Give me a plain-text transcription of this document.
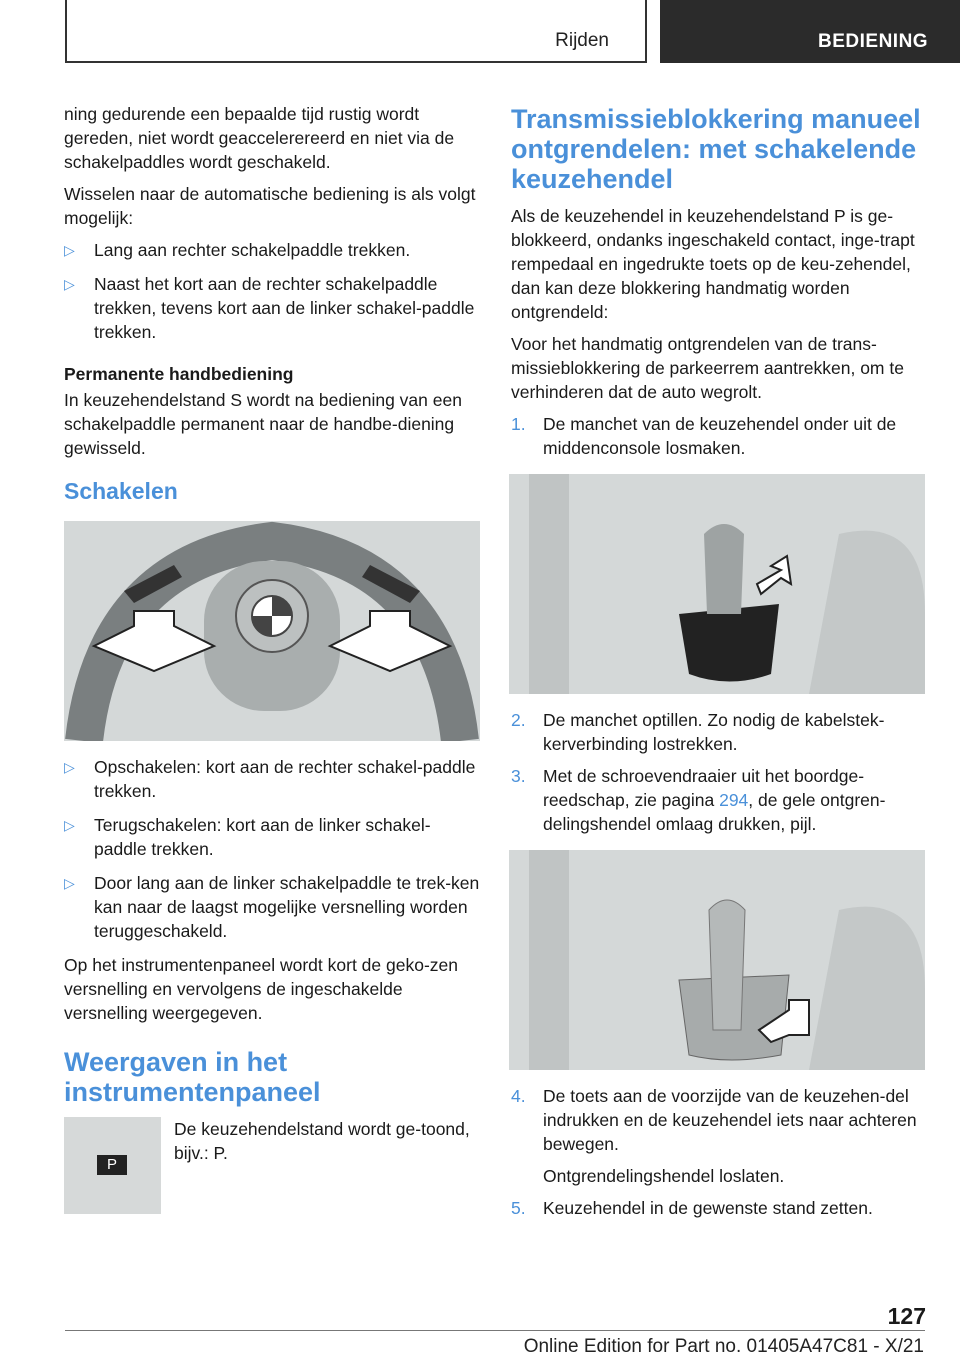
Rijden	BEDIENING

ning gedurende een bepaalde tijd rustig wordt gereden, niet wordt geaccelerereerd en niet via de schakelpaddles wordt geschakeld.

Wisselen naar de automatische bediening is als volgt mogelijk:

▷ Lang aan rechter schakelpaddle trekken.
▷ Naast het kort aan de rechter schakelpaddle trekken, tevens kort aan de linker schakel‐paddle trekken.
Permanente handbediening

In keuzehendelstand S wordt na bediening van een schakelpaddle permanent naar de handbe‐diening gewisseld.

Schakelen
▷ Opschakelen: kort aan de rechter schakel‐paddle trekken.
▷ Terugschakelen: kort aan de linker schakel‐paddle trekken.
▷ Door lang aan de linker schakelpaddle te trek‐ken kan naar de laagst mogelijke versnelling worden teruggeschakeld.

Op het instrumentenpaneel wordt kort de geko‐zen versnelling en vervolgens de ingeschakelde versnelling weergegeven.

Weergaven in het instrumentenpaneel
P

De keuzehendelstand wordt ge‐toond, bijv.: P.

Transmissieblokkering manueel ontgrendelen: met schakelende keuzehendel

Als de keuzehendel in keuzehendelstand P is ge‐blokkeerd, ondanks ingeschakeld contact, inge‐trapt rempedaal en ingedrukte toets op de keu‐zehendel, dan kan deze blokkering handmatig worden ontgrendeld:

Voor het handmatig ontgrendelen van de trans‐missieblokkering de parkeerrem aantrekken, om te verhinderen dat de auto wegrolt.

1. De manchet van de keuzehendel onder uit de middenconsole losmaken.
2. De manchet optillen. Zo nodig de kabelstek‐kerverbinding lostrekken.
3. Met de schroevendraaier uit het boordge‐reedschap, zie pagina 294, de gele ontgren‐delingshendel omlaag drukken, pijl.
4. De toets aan de voorzijde van de keuzehen‐del indrukken en de keuzehendel iets naar achteren bewegen.
Ontgrendelingshendel loslaten.
5. Keuzehendel in de gewenste stand zetten.
127
Online Edition for Part no. 01405A47C81 - X/21
